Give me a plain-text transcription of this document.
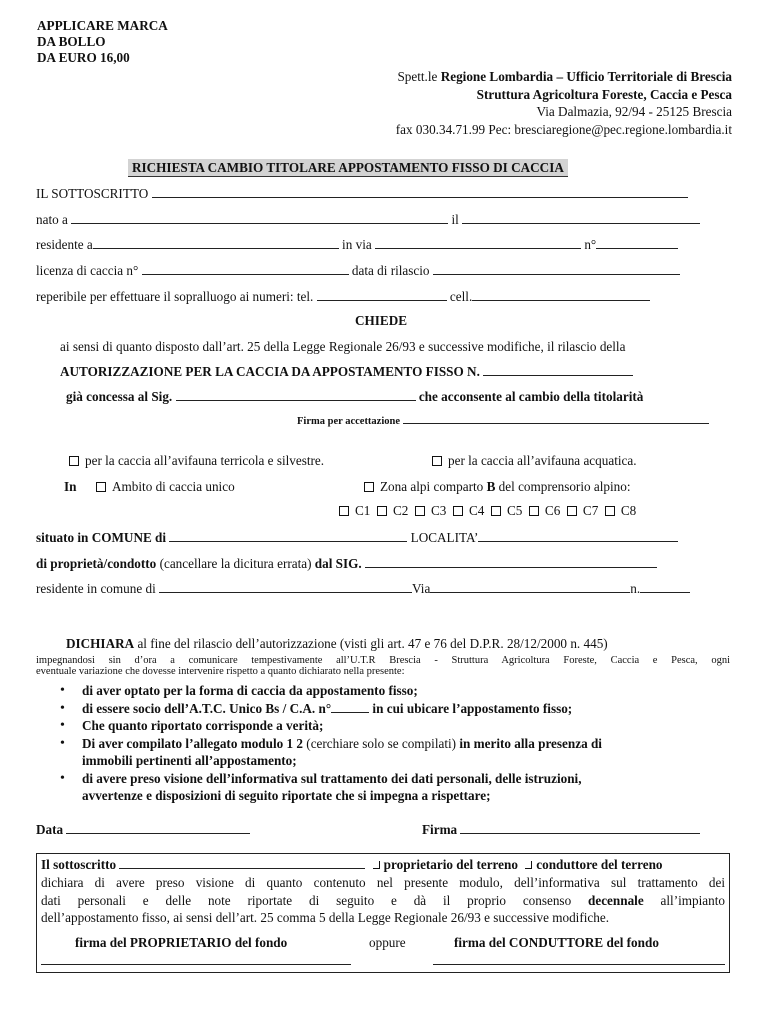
APPLICARE MARCA
DA BOLLO
DA EURO 16,00
Spett.le Regione Lombardia – Ufficio Territoriale di Brescia
Struttura Agricoltura Foreste, Caccia e Pesca
Via Dalmazia, 92/94 - 25125 Brescia
fax 030.34.71.99 Pec: bresciaregione@pec.regione.lombardia.it
RICHIESTA CAMBIO TITOLARE APPOSTAMENTO FISSO DI CACCIA
IL SOTTOSCRITTO
nato a	il
residente a	in via	n°
licenza di caccia n°	data di rilascio
reperibile per effettuare il sopralluogo ai numeri: tel.	cell.
CHIEDE
ai sensi di quanto disposto dall’art. 25 della Legge Regionale 26/93 e successive modifiche, il rilascio della
AUTORIZZAZIONE PER LA CACCIA DA APPOSTAMENTO FISSO N.
già concessa al Sig.	che acconsente al cambio della titolarità
Firma per accettazione
per la caccia all’avifauna terricola e silvestre.	per la caccia all’avifauna acquatica.
In	Ambito di caccia unico	Zona alpi comparto B del comprensorio alpino:
C1 C2 C3 C4 C5 C6 C7 C8
situato in COMUNE di	LOCALITA’
di proprietà/condotto (cancellare la dicitura errata) dal SIG.
residente in comune di	Via	n.
DICHIARA al fine del rilascio dell’autorizzazione (visti gli art. 47 e 76 del D.P.R. 28/12/2000 n. 445)
impegnandosi sin d’ora a comunicare tempestivamente all’U.T.R Brescia - Struttura Agricoltura Foreste, Caccia e Pesca, ogni
eventuale variazione che dovesse intervenire rispetto a quanto dichiarato nella presente:
• di aver optato per la forma di caccia da appostamento fisso;
• di essere socio dell’A.T.C. Unico Bs / C.A. n°	in cui ubicare l’appostamento fisso;
• Che quanto riportato corrisponde a verità;
• Di aver compilato l’allegato modulo 1 2 (cerchiare solo se compilati) in merito alla presenza di
immobili pertinenti all’appostamento;
• di avere preso visione dell’informativa sul trattamento dei dati personali, delle istruzioni,
avvertenze e disposizioni di seguito riportate che si impegna a rispettare;
Data	Firma
Il sottoscritto	proprietario del terreno conduttore del terreno

dichiara di avere preso visione di quanto contenuto nel presente modulo, dell’informativa sul trattamento dei

dati personali e delle note riportate di seguito e dà il proprio consenso decennale all’impianto

dell’appostamento fisso, ai sensi dell’art. 25 comma 5 della Legge Regionale 26/93 e successive modifiche.

firma del PROPRIETARIO del fondo	oppure	firma del CONDUTTORE del fondo
